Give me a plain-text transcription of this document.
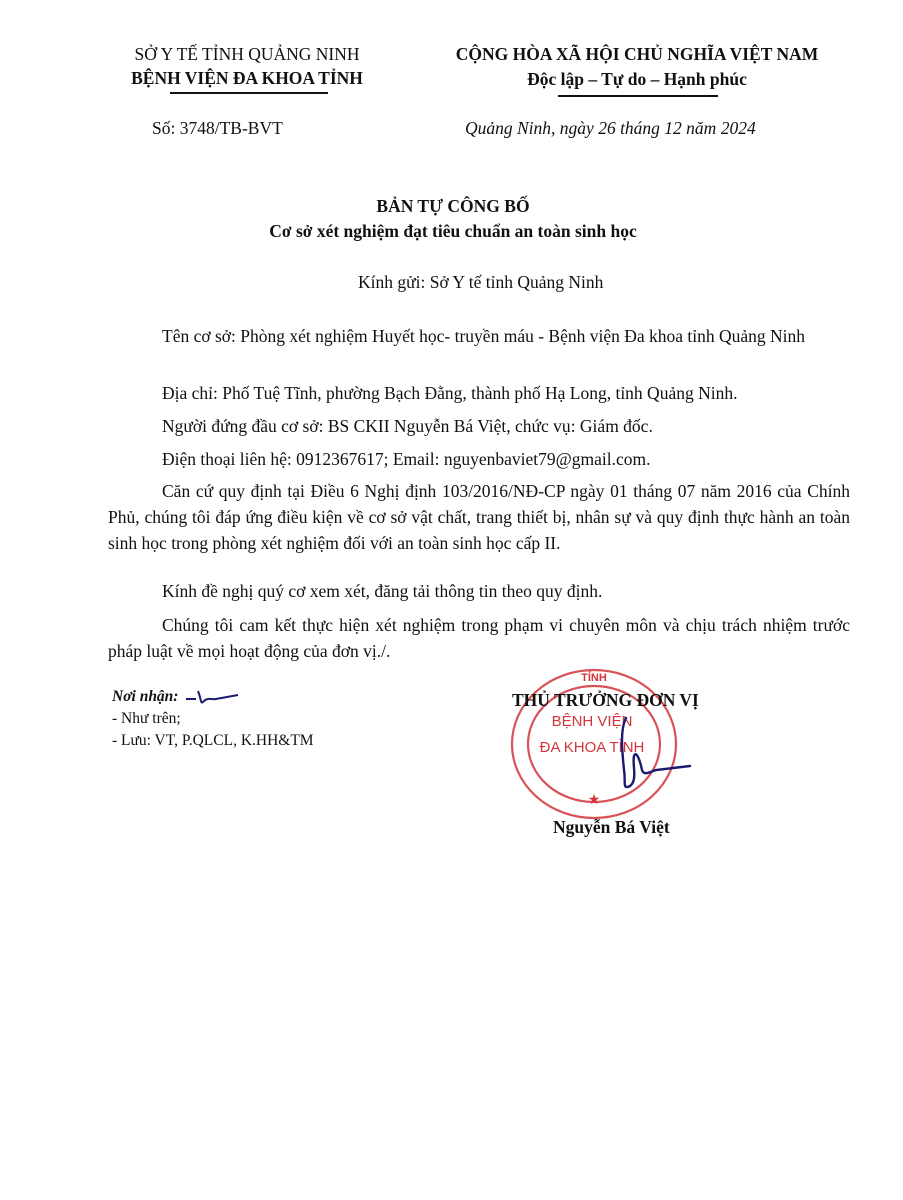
SỞ Y TẾ TỈNH QUẢNG NINH
BỆNH VIỆN ĐA KHOA TỈNH
CỘNG HÒA XÃ HỘI CHỦ NGHĨA VIỆT NAM
Độc lập – Tự do – Hạnh phúc
Số: 3748/TB-BVT	Quảng Ninh, ngày 26 tháng 12 năm 2024
BẢN TỰ CÔNG BỐ
Cơ sở xét nghiệm đạt tiêu chuẩn an toàn sinh học
Kính gửi: Sở Y tế tỉnh Quảng Ninh
Tên cơ sở: Phòng xét nghiệm Huyết học- truyền máu - Bệnh viện Đa khoa tỉnh Quảng Ninh
Địa chỉ: Phố Tuệ Tĩnh, phường Bạch Đằng, thành phố Hạ Long, tỉnh Quảng Ninh.
Người đứng đầu cơ sở: BS CKII Nguyễn Bá Việt, chức vụ: Giám đốc.
Điện thoại liên hệ: 0912367617; Email: nguyenbaviet79@gmail.com.
Căn cứ quy định tại Điều 6 Nghị định 103/2016/NĐ-CP ngày 01 tháng 07 năm 2016 của Chính Phủ, chúng tôi đáp ứng điều kiện về cơ sở vật chất, trang thiết bị, nhân sự và quy định thực hành an toàn sinh học trong phòng xét nghiệm đối với an toàn sinh học cấp II.
Kính đề nghị quý cơ xem xét, đăng tải thông tin theo quy định.
Chúng tôi cam kết thực hiện xét nghiệm trong phạm vi chuyên môn và chịu trách nhiệm trước pháp luật về mọi hoạt động của đơn vị./.
Nơi nhận:
- Như trên;
- Lưu: VT, P.QLCL, K.HH&TM
TỈNH
BỆNH VIỆN
ĐA KHOA TỈNH
★
THỦ TRƯỞNG ĐƠN VỊ
Nguyễn Bá Việt
